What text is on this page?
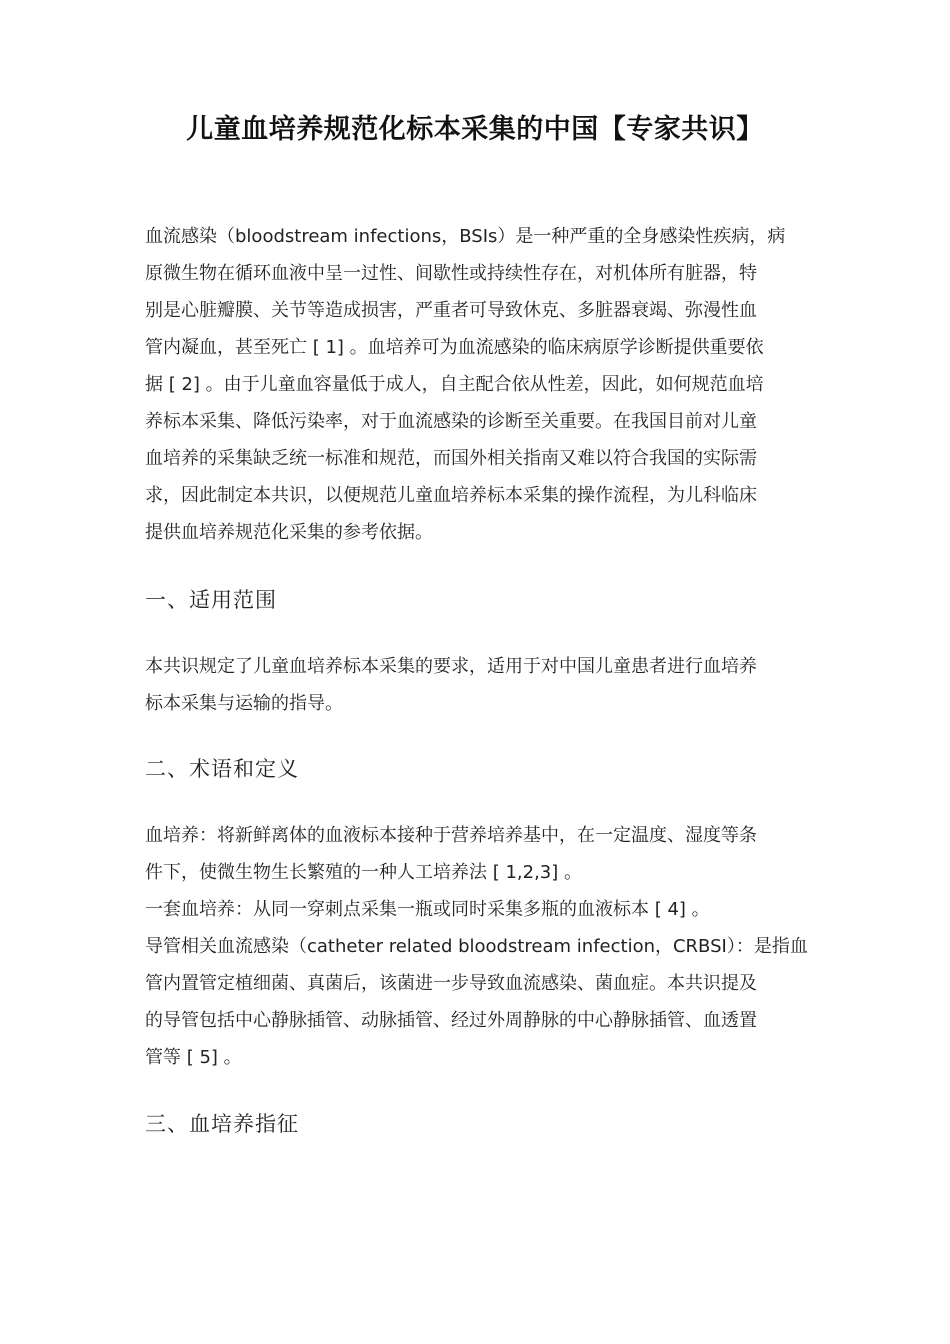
儿童血培养规范化标本采集的中国【专家共识】
血流感染（bloodstream infections，BSIs）是一种严重的全身感染性疾病，病
原微生物在循环血液中呈一过性、间歇性或持续性存在，对机体所有脏器，特
别是心脏瓣膜、关节等造成损害，严重者可导致休克、多脏器衰竭、弥漫性血
管内凝血，甚至死亡 [ 1] 。血培养可为血流感染的临床病原学诊断提供重要依
据 [ 2] 。由于儿童血容量低于成人，自主配合依从性差，因此，如何规范血培
养标本采集、降低污染率，对于血流感染的诊断至关重要。在我国目前对儿童
血培养的采集缺乏统一标准和规范，而国外相关指南又难以符合我国的实际需
求，因此制定本共识，以便规范儿童血培养标本采集的操作流程，为儿科临床
提供血培养规范化采集的参考依据。
一、适用范围
本共识规定了儿童血培养标本采集的要求，适用于对中国儿童患者进行血培养
标本采集与运输的指导。
二、术语和定义
血培养：将新鲜离体的血液标本接种于营养培养基中，在一定温度、湿度等条
件下，使微生物生长繁殖的一种人工培养法 [ 1,2,3] 。
一套血培养：从同一穿刺点采集一瓶或同时采集多瓶的血液标本 [ 4] 。
导管相关血流感染（catheter related bloodstream infection，CRBSI）：是指血
管内置管定植细菌、真菌后，该菌进一步导致血流感染、菌血症。本共识提及
的导管包括中心静脉插管、动脉插管、经过外周静脉的中心静脉插管、血透置
管等 [ 5] 。
三、血培养指征
